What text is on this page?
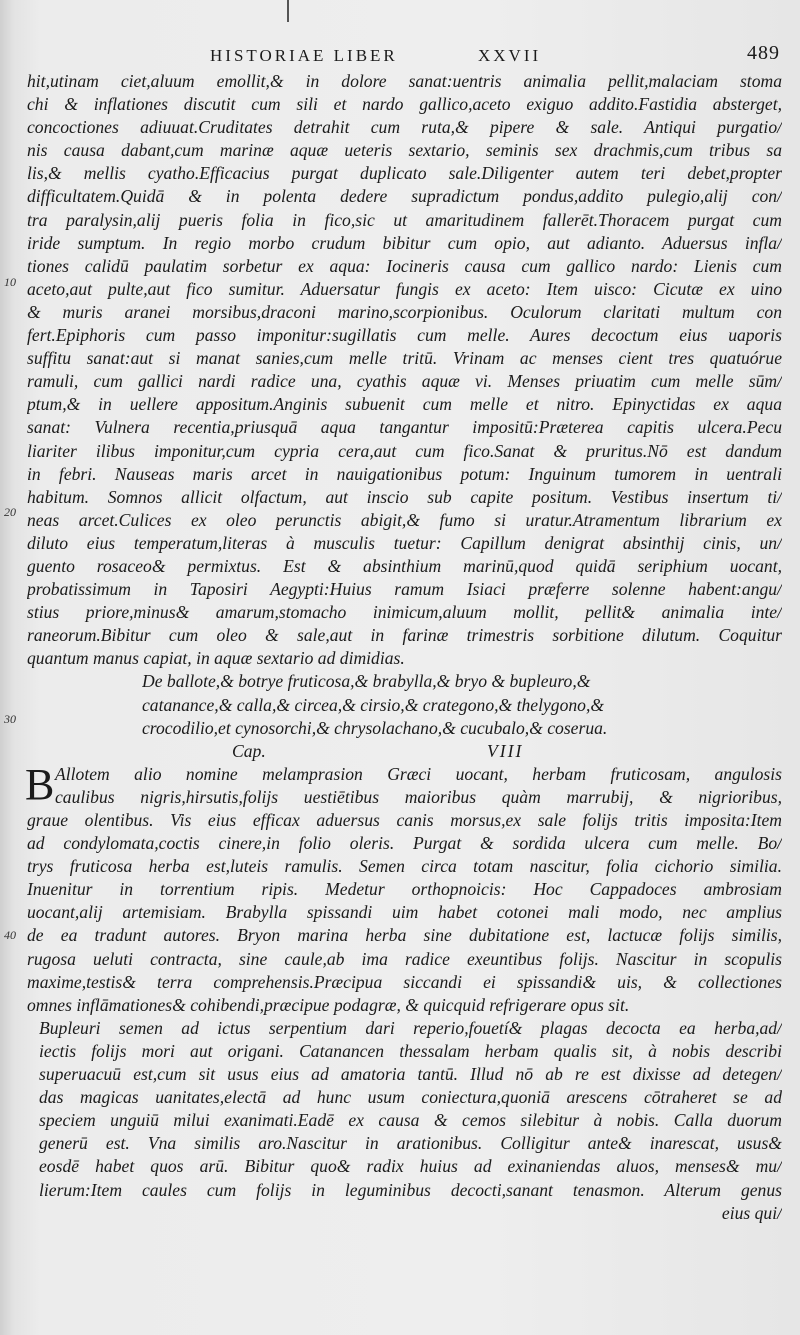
HISTORIAE LIBER	XXVII	489
10
20
30
40
hit,utinam ciet,aluum emollit,& in dolore sanat:uentris animalia pellit,malaciam stoma
chi & inflationes discutit cum sili et nardo gallico,aceto exiguo addito.Fastidia absterget,
concoctiones adiuuat.Cruditates detrahit cum ruta,& pipere & sale. Antiqui purgatio/
nis causa dabant,cum marinæ aquæ ueteris sextario, seminis sex drachmis,cum tribus sa
lis,& mellis cyatho.Efficacius purgat duplicato sale.Diligenter autem teri debet,propter
difficultatem.Quidā & in polenta dedere supradictum pondus,addito pulegio,alij con/
tra paralysin,alij pueris folia in fico,sic ut amaritudinem fallerēt.Thoracem purgat cum
iride sumptum. In regio morbo crudum bibitur cum opio, aut adianto. Aduersus infla/
tiones calidū paulatim sorbetur ex aqua: Iocineris causa cum gallico nardo: Lienis cum
aceto,aut pulte,aut fico sumitur. Aduersatur fungis ex aceto: Item uisco: Cicutæ ex uino
& muris aranei morsibus,draconi marino,scorpionibus. Oculorum claritati multum con
fert.Epiphoris cum passo imponitur:sugillatis cum melle. Aures decoctum eius uaporis
suffitu sanat:aut si manat sanies,cum melle tritū. Vrinam ac menses cient tres quatuórue
ramuli, cum gallici nardi radice una, cyathis aquæ vi. Menses priuatim cum melle sūm/
ptum,& in uellere appositum.Anginis subuenit cum melle et nitro. Epinyctidas ex aqua
sanat: Vulnera recentia,priusquā aqua tangantur impositū:Præterea capitis ulcera.Pecu
liariter ilibus imponitur,cum cypria cera,aut cum fico.Sanat & pruritus.Nō est dandum
in febri. Nauseas maris arcet in nauigationibus potum: Inguinum tumorem in uentrali
habitum. Somnos allicit olfactum, aut inscio sub capite positum. Vestibus insertum ti/
neas arcet.Culices ex oleo perunctis abigit,& fumo si uratur.Atramentum librarium ex
diluto eius temperatum,literas à musculis tuetur: Capillum denigrat absinthij cinis, un/
guento rosaceo& permixtus. Est & absinthium marinū,quod quidā seriphium uocant,
probatissimum in Taposiri Aegypti:Huius ramum Isiaci præferre solenne habent:angu/
stius priore,minus& amarum,stomacho inimicum,aluum mollit, pellit& animalia inte/
raneorum.Bibitur cum oleo & sale,aut in farinæ trimestris sorbitione dilutum. Coquitur
quantum manus capiat, in aquæ sextario ad dimidias.
De ballote,& botrye fruticosa,& brabylla,& bryo & bupleuro,&
catanance,& calla,& circea,& cirsio,& crategono,& thelygono,&
crocodilio,et cynosorchi,& chrysolachano,& cucubalo,& coserua.
Cap.	VIII
B Allotem alio nomine melamprasion Græci uocant, herbam fruticosam, angulosis
caulibus nigris,hirsutis,folijs uestiētibus maioribus quàm marrubij, & nigrioribus,
graue olentibus. Vis eius efficax aduersus canis morsus,ex sale folijs tritis imposita:Item
ad condylomata,coctis cinere,in folio oleris. Purgat & sordida ulcera cum melle. Bo/
trys fruticosa herba est,luteis ramulis. Semen circa totam nascitur, folia cichorio similia.
Inuenitur in torrentium ripis. Medetur orthopnoicis: Hoc Cappadoces ambrosiam
uocant,alij artemisiam. Brabylla spissandi uim habet cotonei mali modo, nec amplius
de ea tradunt autores. Bryon marina herba sine dubitatione est, lactucæ folijs similis,
rugosa ueluti contracta, sine caule,ab ima radice exeuntibus folijs. Nascitur in scopulis
maxime,testis& terra comprehensis.Præcipua siccandi ei spissandi& uis, & collectiones
omnes inflāmationes& cohibendi,præcipue podagræ, & quicquid refrigerare opus sit.
Bupleuri semen ad ictus serpentium dari reperio,fouetí& plagas decocta ea herba,ad/
iectis folijs mori aut origani. Catanancen thessalam herbam qualis sit, à nobis describi
superuacuū est,cum sit usus eius ad amatoria tantū. Illud nō ab re est dixisse ad detegen/
das magicas uanitates,electā ad hunc usum coniectura,quoniā arescens cōtraheret se ad
speciem unguiū milui exanimati.Eadē ex causa & cemos silebitur à nobis. Calla duorum
generū est. Vna similis aro.Nascitur in arationibus. Colligitur ante& inarescat, usus&
eosdē habet quos arū. Bibitur quo& radix huius ad exinaniendas aluos, menses& mu/
lierum:Item caules cum folijs in leguminibus decocti,sanant tenasmon. Alterum genus
eius qui/
